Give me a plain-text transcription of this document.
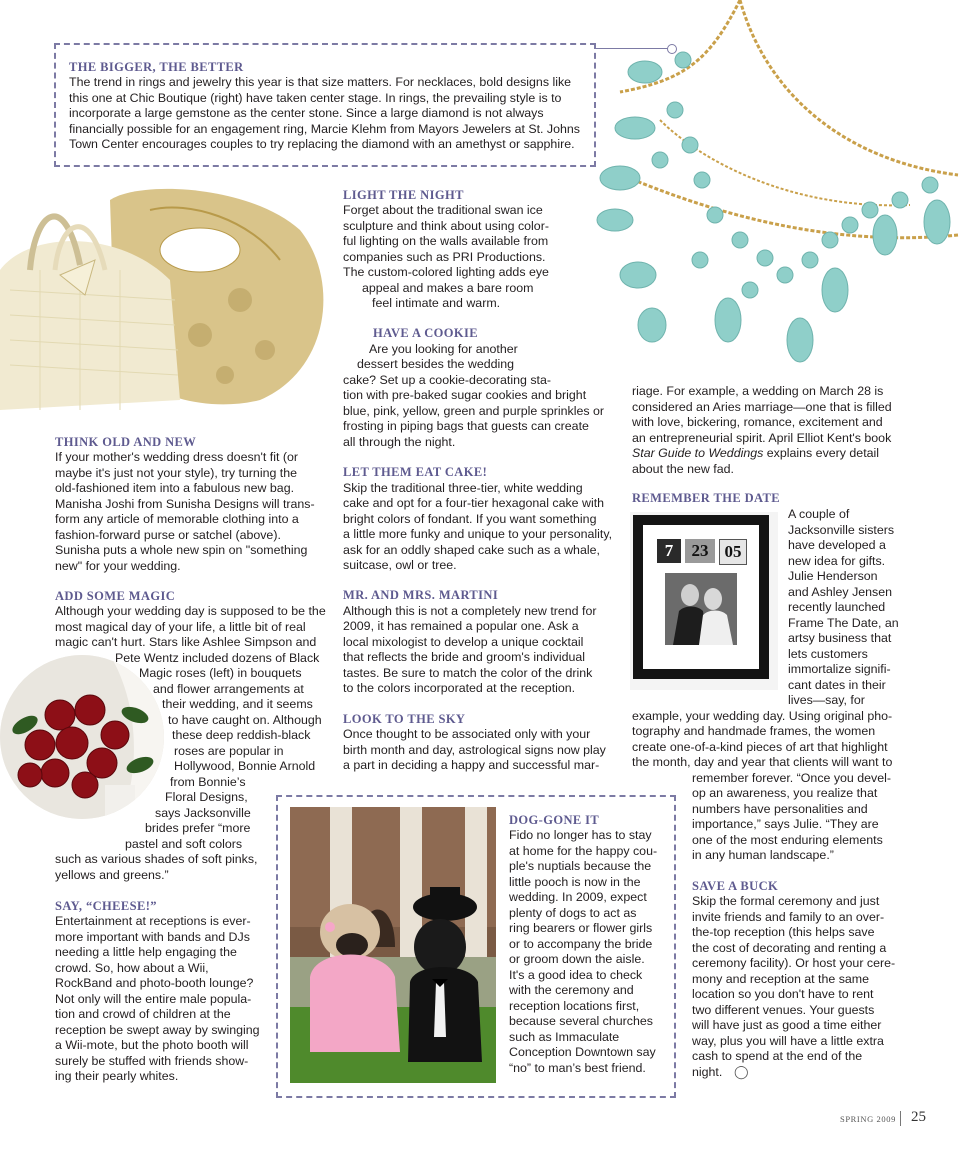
THE BIGGER, THE BETTER
The trend in rings and jewelry this year is that size matters. For necklaces, bold designs like this one at Chic Boutique (right) have taken center stage. In rings, the prevailing style is to incorporate a large gemstone as the center stone. Since a large diamond is not always financially possible for an engagement ring, Marcie Klehm from Mayors Jewelers at St. Johns Town Center encourages couples to try replacing the diamond with an amethyst or sapphire.
LIGHT THE NIGHT
Forget about the traditional swan ice
sculpture and think about using color-
ful lighting on the walls available from
companies such as PRI Productions.
The custom-colored lighting adds eye
appeal and makes a bare room
feel intimate and warm.
HAVE A COOKIE
Are you looking for another
dessert besides the wedding
cake? Set up a cookie-decorating sta-
tion with pre-baked sugar cookies and bright
blue, pink, yellow, green and purple sprinkles or
frosting in piping bags that guests can create
all through the night.
LET THEM EAT CAKE!
Skip the traditional three-tier, white wedding
cake and opt for a four-tier hexagonal cake with
bright colors of fondant. If you want something
a little more funky and unique to your personality,
ask for an oddly shaped cake such as a whale,
suitcase, owl or tree.
MR. AND MRS. MARTINI
Although this is not a completely new trend for
2009, it has remained a popular one. Ask a
local mixologist to develop a unique cocktail
that reflects the bride and groom's individual
tastes. Be sure to match the color of the drink
to the colors incorporated at the reception.
LOOK TO THE SKY
Once thought to be associated only with your
birth month and day, astrological signs now play
a part in deciding a happy and successful mar-
riage. For example, a wedding on March 28 is
considered an Aries marriage—one that is filled
with love, bickering, romance, excitement and
an entrepreneurial spirit. April Elliot Kent's book
Star Guide to Weddings explains every detail
about the new fad.
REMEMBER THE DATE
7	23 05
A couple of
Jacksonville sisters
have developed a
new idea for gifts.
Julie Henderson
and Ashley Jensen
recently launched
Frame The Date, an
artsy business that
lets customers
immortalize signifi-
cant dates in their
lives—say, for
example, your wedding day. Using original pho-
tography and handmade frames, the women
create one-of-a-kind pieces of art that highlight
the month, day and year that clients will want to
remember forever. “Once you devel-
op an awareness, you realize that
numbers have personalities and
importance,” says Julie. “They are
one of the most enduring elements
in any human landscape.”
SAVE A BUCK
Skip the formal ceremony and just
invite friends and family to an over-
the-top reception (this helps save
the cost of decorating and renting a
ceremony facility). Or host your cere-
mony and reception at the same
location so you don't have to rent
two different venues. Your guests
will have just as good a time either
way, plus you will have a little extra
cash to spend at the end of the
night. ◯
THINK OLD AND NEW
If your mother's wedding dress doesn't fit (or
maybe it's just not your style), try turning the
old-fashioned item into a fabulous new bag.
Manisha Joshi from Sunisha Designs will trans-
form any article of memorable clothing into a
fashion-forward purse or satchel (above).
Sunisha puts a whole new spin on "something
new" for your wedding.
ADD SOME MAGIC
Although your wedding day is supposed to be the
most magical day of your life, a little bit of real
magic can't hurt. Stars like Ashlee Simpson and
Pete Wentz included dozens of Black
Magic roses (left) in bouquets
and flower arrangements at
their wedding, and it seems
to have caught on. Although
these deep reddish-black
roses are popular in
Hollywood, Bonnie Arnold
from Bonnie’s
Floral Designs,
says Jacksonville
brides prefer “more
pastel and soft colors
such as various shades of soft pinks,
yellows and greens.”
SAY, “CHEESE!”
Entertainment at receptions is ever-
more important with bands and DJs
needing a little help engaging the
crowd. So, how about a Wii,
RockBand and photo-booth lounge?
Not only will the entire male popula-
tion and crowd of children at the
reception be swept away by swinging
a Wii-mote, but the photo booth will
surely be stuffed with friends show-
ing their pearly whites.
DOG-GONE IT
Fido no longer has to stay
at home for the happy cou-
ple's nuptials because the
little pooch is now in the
wedding. In 2009, expect
plenty of dogs to act as
ring bearers or flower girls
or to accompany the bride
or groom down the aisle.
It's a good idea to check
with the ceremony and
reception locations first,
because several churches
such as Immaculate
Conception Downtown say
“no” to man’s best friend.
SPRING 2009 25
